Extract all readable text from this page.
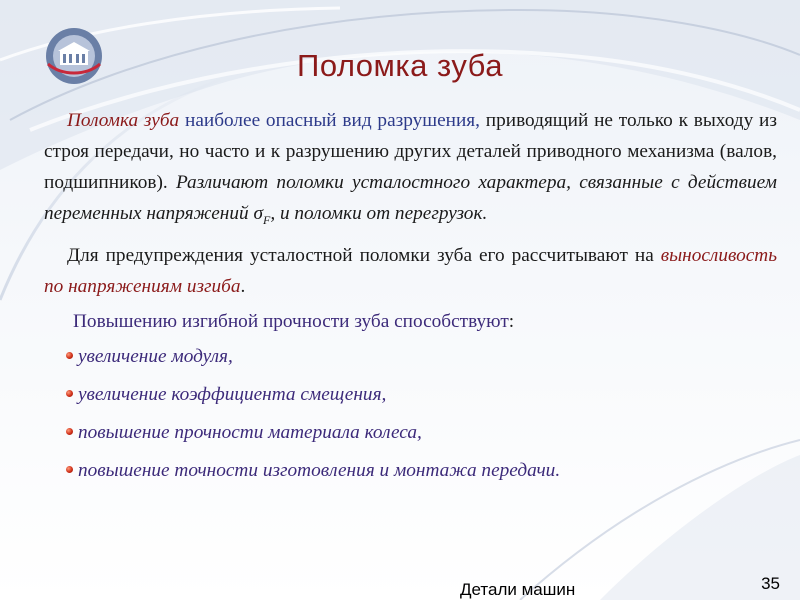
Поломка зуба

Поломка зуба наиболее опасный вид разрушения, приводящий не только к выходу из строя передачи, но часто и к разрушению других деталей приводного механизма (валов, подшипников). Различают поломки усталостного характера, связанные с действием переменных напряжений $\sigma_F$, и поломки от перегрузок.

Для предупреждения усталостной поломки зуба его рассчитывают на выносливость по напряжениям изгиба.

Повышению изгибной прочности зуба способствуют:
увеличение модуля,
увеличение коэффициента смещения,
повышение прочности материала колеса,
повышение точности изготовления и монтажа передачи.
Детали машин	35
